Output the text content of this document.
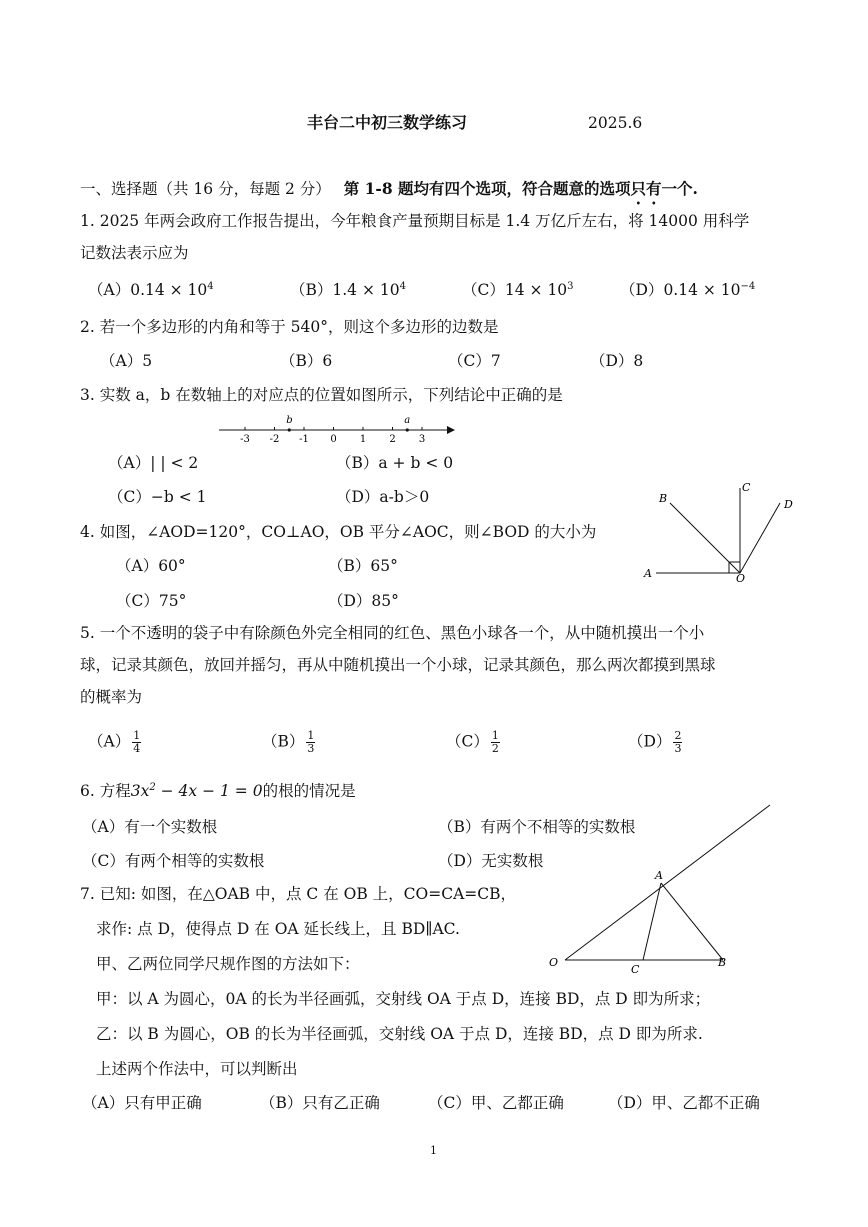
丰台二中初三数学练习	2025.6
一、选择题（共 16 分，每题 2 分） 第 1-8 题均有四个选项，符合题意的选项只有一个.
1. 2025 年两会政府工作报告提出，今年粮食产量预期目标是 1.4 万亿斤左右，将 14000 用科学
记数法表示应为
$(A)0.14 \times 10^4$	$(B)1.4 \times 10^4$	$(C)14 \times 10^3$	$(D)0.14 \times 10^{-4}$
2. 若一个多边形的内角和等于 540°，则这个多边形的边数是
（A）5	（B）6	（C）7	（D）8
3. 实数 a，b 在数轴上的对应点的位置如图所示，下列结论中正确的是
-3 -2 -1 0 1 2 3
b	a
（A）| | < 2	（B）a + b < 0
（C）−b < 1	（D）a-b＞0
A
B
C
D
O
4. 如图，∠AOD=120°，CO⊥AO，OB 平分∠AOC，则∠BOD 的大小为
（A）60°	（B）65°
（C）75°	（D）85°
5. 一个不透明的袋子中有除颜色外完全相同的红色、黑色小球各一个，从中随机摸出一个小
球，记录其颜色，放回并摇匀，再从中随机摸出一个小球，记录其颜色，那么两次都摸到黑球
的概率为
$(A) \frac{1}{4}$	$(B) \frac{1}{3}$	$(C) \frac{1}{2}$	$(D) \frac{2}{3}$
6. 方程$3x^2 - 4x - 1 = 0$的根的情况是
（A）有一个实数根	（B）有两个不相等的实数根
（C）有两个相等的实数根	（D）无实数根
O
A
B
C
7. 已知: 如图，在△OAB 中，点 C 在 OB 上，CO=CA=CB，
求作: 点 D，使得点 D 在 OA 延长线上，且 BD∥AC.
甲、乙两位同学尺规作图的方法如下：
甲：以 A 为圆心，0A 的长为半径画弧，交射线 OA 于点 D，连接 BD，点 D 即为所求；
乙：以 B 为圆心，OB 的长为半径画弧，交射线 OA 于点 D，连接 BD，点 D 即为所求.
上述两个作法中，可以判断出
（A）只有甲正确	（B）只有乙正确	（C）甲、乙都正确	（D）甲、乙都不正确
1
